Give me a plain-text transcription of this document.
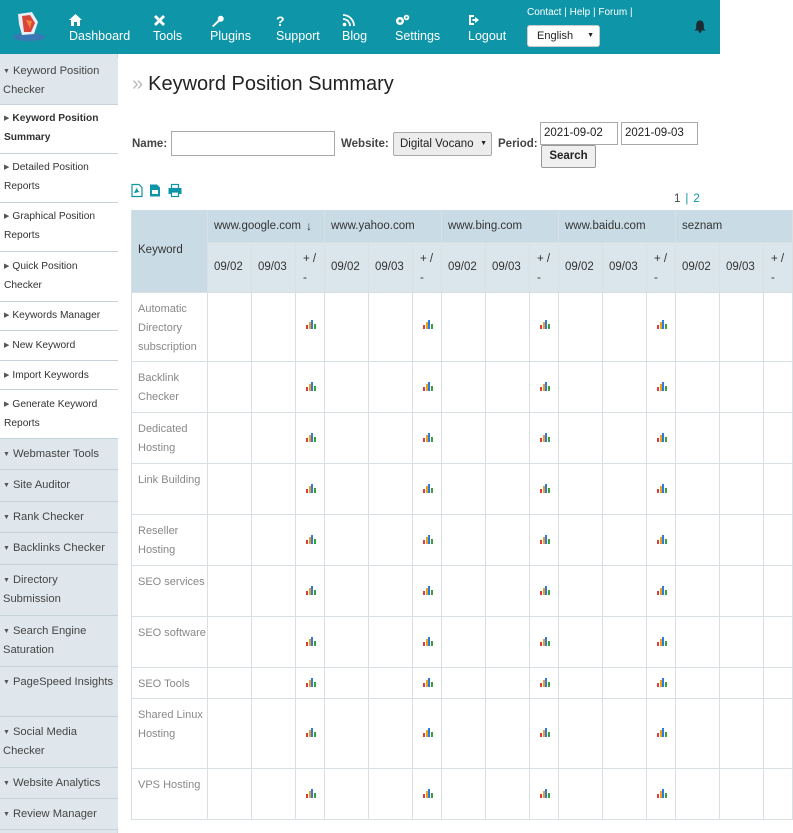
Dashboard Tools Plugins
?
Support Blog Settings Logout
Contact | Help | Forum |
English ▼
▼ Keyword Position Checker
▶ Keyword Position Summary
▶ Detailed Position Reports
▶ Graphical Position Reports
▶ Quick Position Checker
▶ Keywords Manager
▶ New Keyword
▶ Import Keywords
▶ Generate Keyword Reports
▼ Webmaster Tools
▼ Site Auditor
▼ Rank Checker
▼ Backlinks Checker
▼ Directory Submission
▼ Search Engine Saturation
▼ PageSpeed Insights
▼ Social Media Checker
▼ Website Analytics
▼ Review Manager
» Keyword Position Summary
Name:	Website: Digital Vocano ▼ Period:
2021-09-02	2021-09-03
Search
1 | 2
Keyword
www.google.com ↓
09/02 09/03
+ / -
www.yahoo.com
09/02 09/03
+ / -
www.bing.com
09/02 09/03
+ / -
www.baidu.com
09/02 09/03
+ / -
seznam
09/02 09/03
+ / -
Automatic Directory subscription
Backlink Checker
Dedicated Hosting
Link Building
Reseller Hosting
SEO services
SEO software
SEO Tools
Shared Linux Hosting
VPS Hosting
